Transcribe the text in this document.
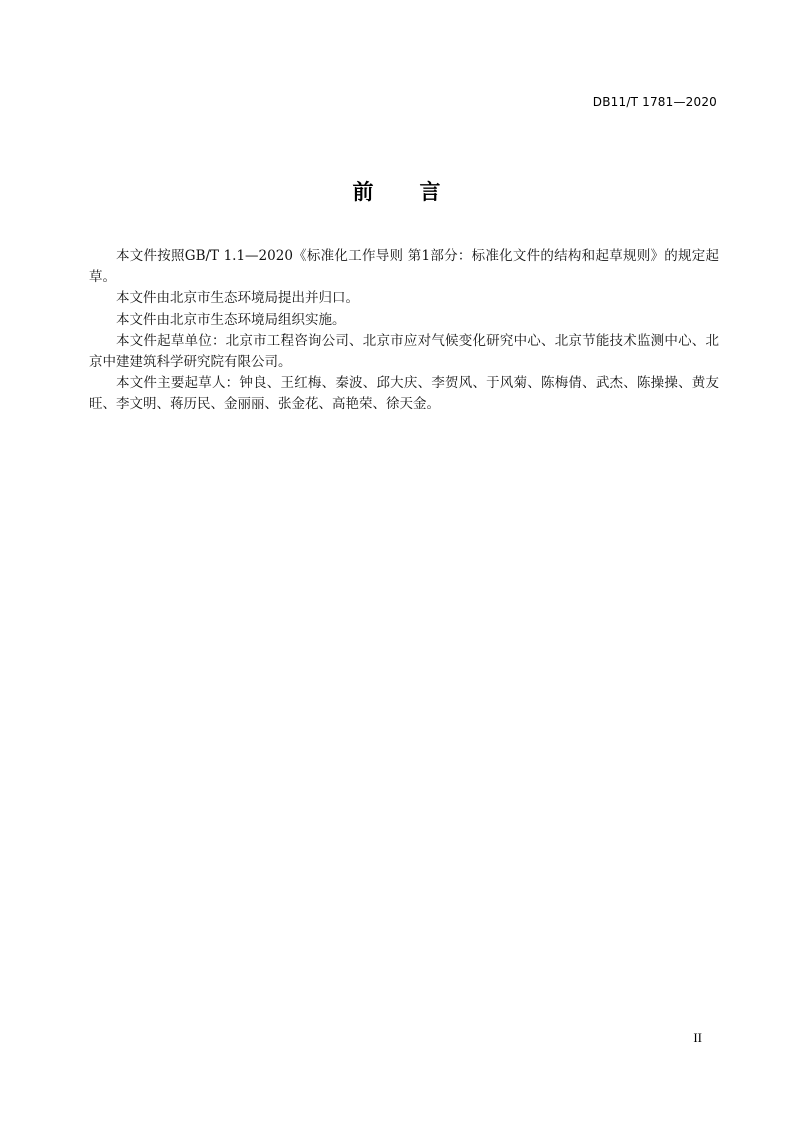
DB11/T 1781—2020
前言

本文件按照GB/T 1.1—2020《标准化工作导则 第1部分：标准化文件的结构和起草规则》的规定起草。

本文件由北京市生态环境局提出并归口。

本文件由北京市生态环境局组织实施。

本文件起草单位：北京市工程咨询公司、北京市应对气候变化研究中心、北京节能技术监测中心、北京中建建筑科学研究院有限公司。

本文件主要起草人：钟良、王红梅、秦波、邱大庆、李贺风、于风菊、陈梅倩、武杰、陈操操、黄友旺、李文明、蒋历民、金丽丽、张金花、高艳荣、徐天金。

II
